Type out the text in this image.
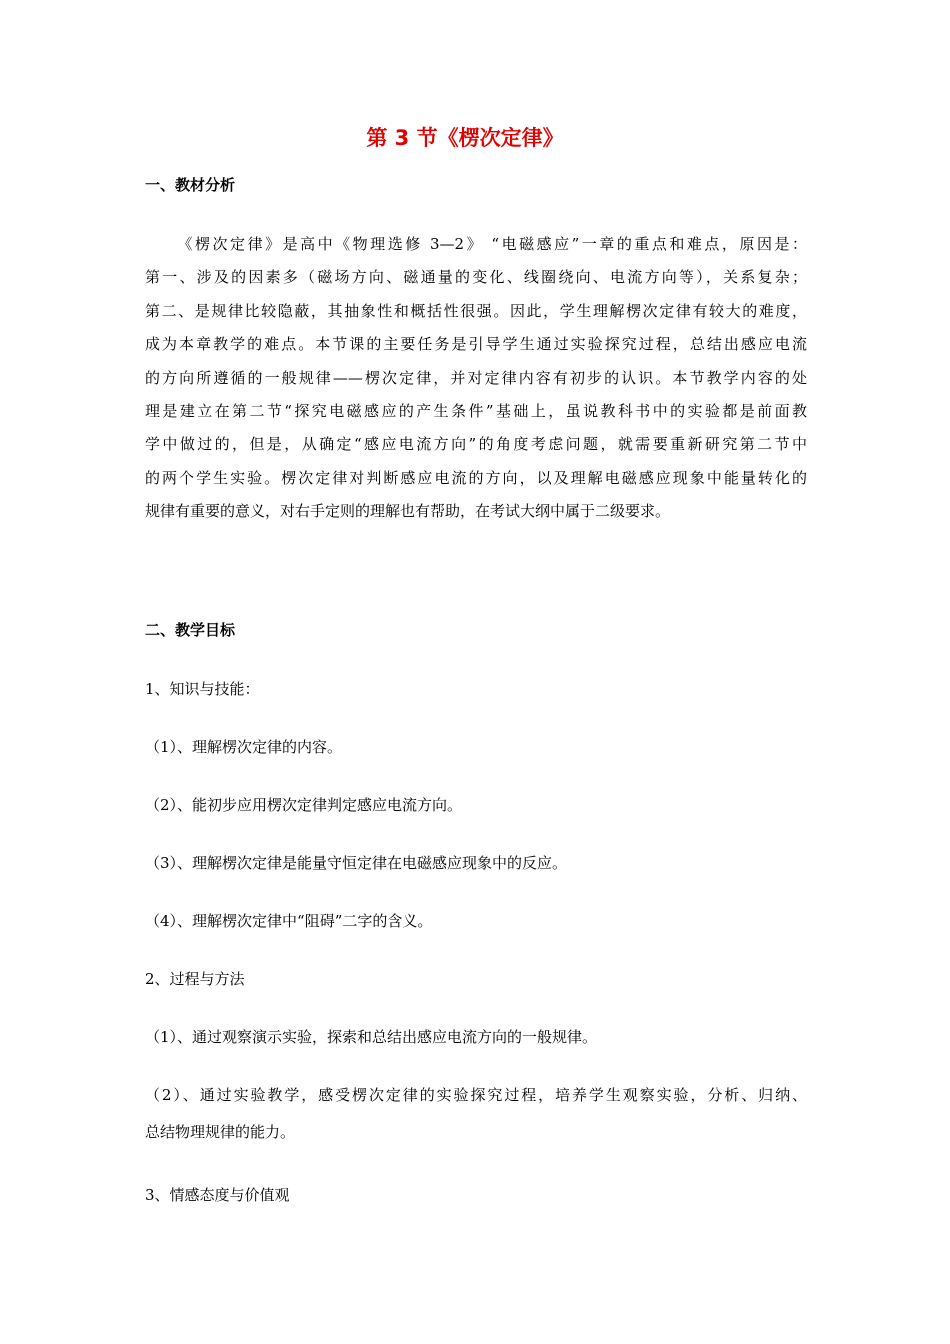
第 3 节《楞次定律》
一、教材分析
《楞次定律》是高中《物理选修 3—2》 “电磁感应”一章的重点和难点，原因是：
第一、涉及的因素多（磁场方向、磁通量的变化、线圈绕向、电流方向等），关系复杂；
第二、是规律比较隐蔽，其抽象性和概括性很强。因此，学生理解楞次定律有较大的难度，
成为本章教学的难点。本节课的主要任务是引导学生通过实验探究过程，总结出感应电流
的方向所遵循的一般规律——楞次定律，并对定律内容有初步的认识。本节教学内容的处
理是建立在第二节“探究电磁感应的产生条件”基础上，虽说教科书中的实验都是前面教
学中做过的，但是，从确定“感应电流方向”的角度考虑问题，就需要重新研究第二节中
的两个学生实验。楞次定律对判断感应电流的方向，以及理解电磁感应现象中能量转化的
规律有重要的意义，对右手定则的理解也有帮助，在考试大纲中属于二级要求。
二、教学目标

1、知识与技能：

（1）、理解楞次定律的内容。

（2）、能初步应用楞次定律判定感应电流方向。

（3）、理解楞次定律是能量守恒定律在电磁感应现象中的反应。

（4）、理解楞次定律中“阻碍”二字的含义。

2、过程与方法

（1）、通过观察演示实验，探索和总结出感应电流方向的一般规律。

（2）、通过实验教学，感受楞次定律的实验探究过程，培养学生观察实验，分析、归纳、
总结物理规律的能力。

3、情感态度与价值观
